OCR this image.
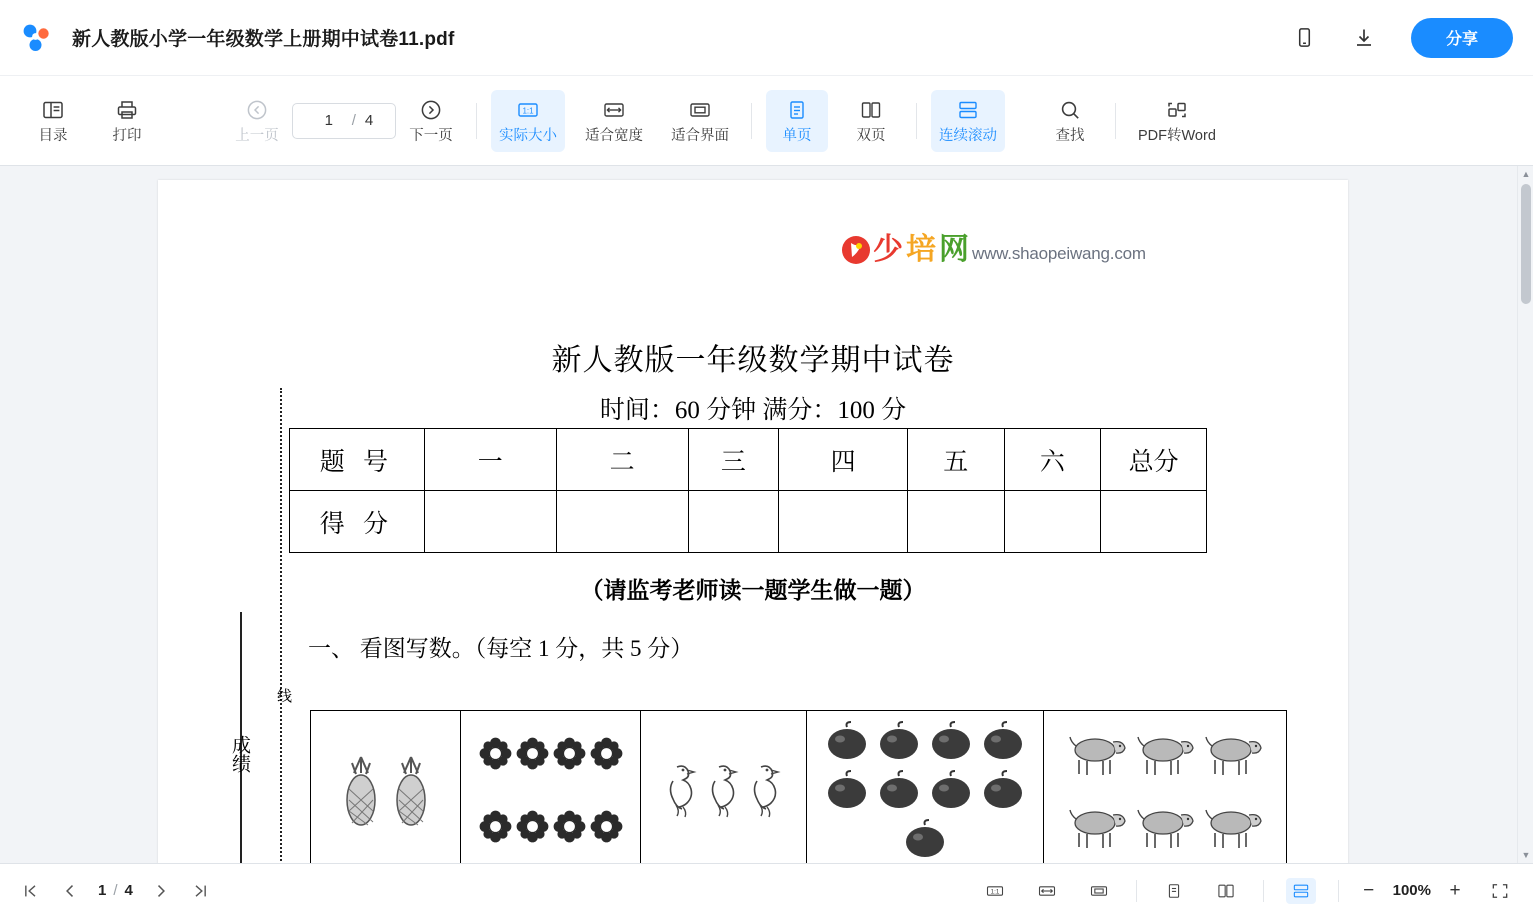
新人教版小学一年级数学上册期中试卷11.pdf	分享
目录	打印	上一页
1
/ 4
下一页
1:1
实际大小 适合宽度 适合界面	单页	双页	连续滚动	查找	PDF转Word
少 培 网 www.shaopeiwang.com
新人教版一年级数学期中试卷
时间：60 分钟 满分：100 分
线
成绩
题 号	一	二	三	四	五	六	总分
得 分							
（请监考老师读一题学生做一题）
一、 看图写数。（每空 1 分，共 5 分）
▲
▼
1 / 4	1:1	− 100% +
